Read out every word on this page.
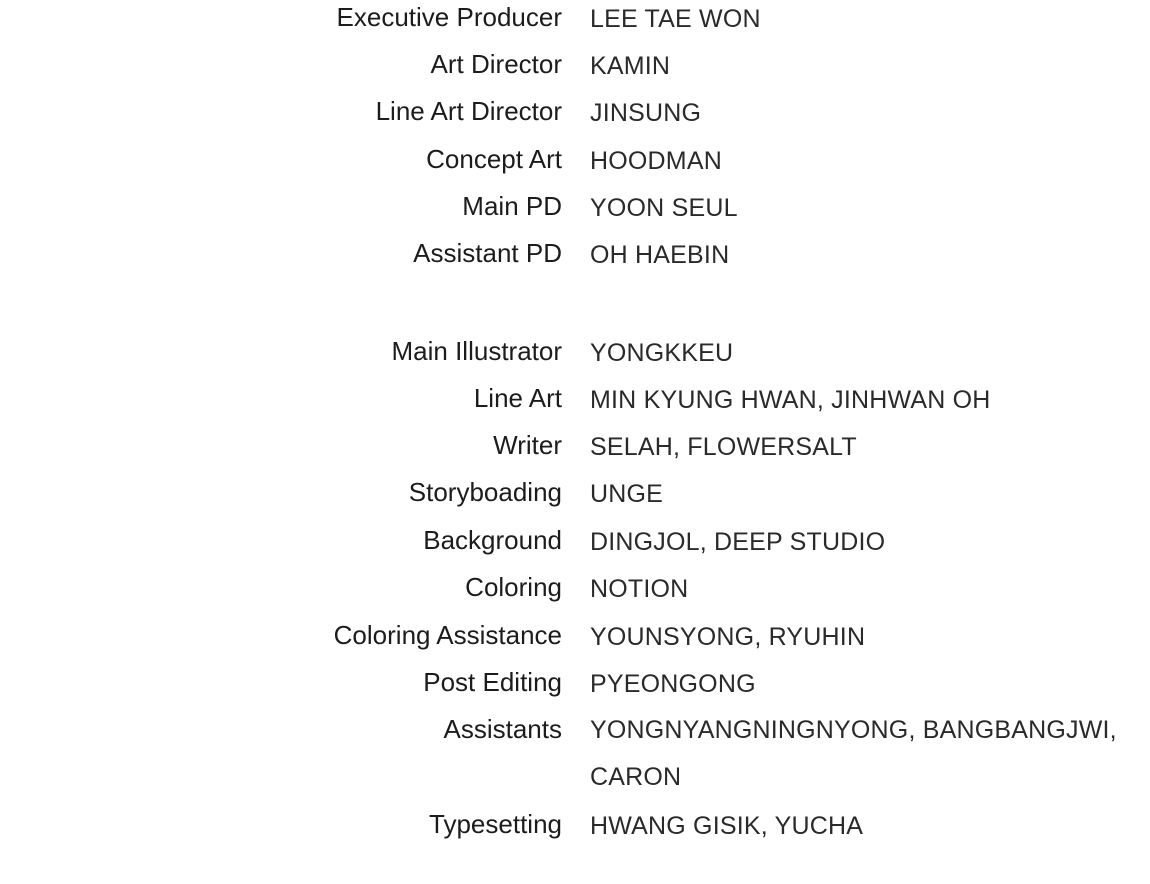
Executive Producer LEE TAE WON
Art Director KAMIN
Line Art Director JINSUNG
Concept Art HOODMAN
Main PD YOON SEUL
Assistant PD OH HAEBIN
Main Illustrator YONGKKEU
Line Art MIN KYUNG HWAN, JINHWAN OH
Writer SELAH, FLOWERSALT
Storyboading UNGE
Background DINGJOL, DEEP STUDIO
Coloring NOTION
Coloring Assistance YOUNSYONG, RYUHIN
Post Editing PYEONGONG
Assistants YONGNYANGNINGNYONG, BANGBANGJWI, CARON
Typesetting HWANG GISIK, YUCHA
